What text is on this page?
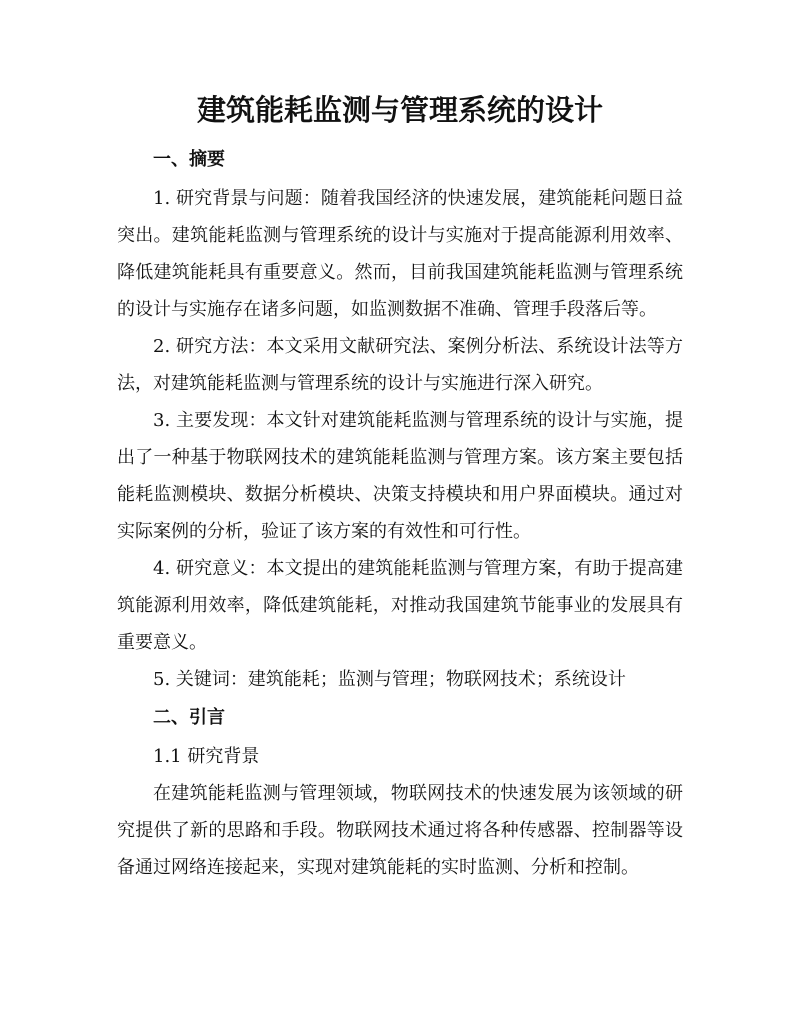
建筑能耗监测与管理系统的设计
一、摘要

1. 研究背景与问题：随着我国经济的快速发展，建筑能耗问题日益突出。建筑能耗监测与管理系统的设计与实施对于提高能源利用效率、降低建筑能耗具有重要意义。然而，目前我国建筑能耗监测与管理系统的设计与实施存在诸多问题，如监测数据不准确、管理手段落后等。

2. 研究方法：本文采用文献研究法、案例分析法、系统设计法等方法，对建筑能耗监测与管理系统的设计与实施进行深入研究。

3. 主要发现：本文针对建筑能耗监测与管理系统的设计与实施，提出了一种基于物联网技术的建筑能耗监测与管理方案。该方案主要包括能耗监测模块、数据分析模块、决策支持模块和用户界面模块。通过对实际案例的分析，验证了该方案的有效性和可行性。

4. 研究意义：本文提出的建筑能耗监测与管理方案，有助于提高建筑能源利用效率，降低建筑能耗，对推动我国建筑节能事业的发展具有重要意义。

5. 关键词：建筑能耗；监测与管理；物联网技术；系统设计

二、引言

1.1 研究背景

在建筑能耗监测与管理领域，物联网技术的快速发展为该领域的研究提供了新的思路和手段。物联网技术通过将各种传感器、控制器等设备通过网络连接起来，实现对建筑能耗的实时监测、分析和控制。
